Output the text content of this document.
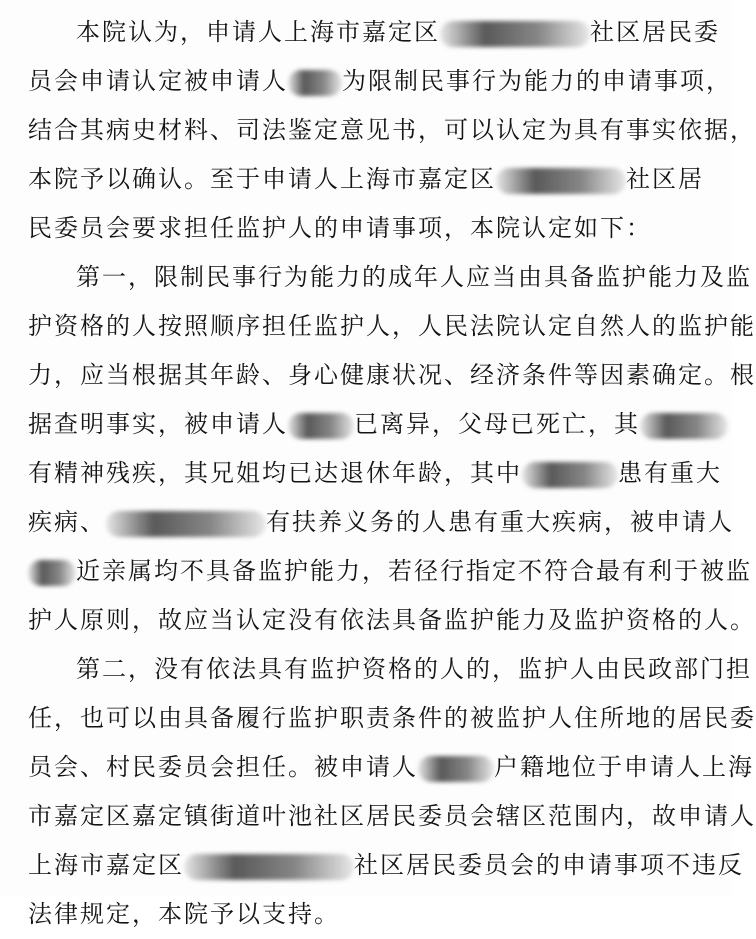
本院认为，申请人上海市嘉定区	社区居民委
员会申请认定被申请人 为限制民事行为能力的申请事项，
结合其病史材料、司法鉴定意见书，可以认定为具有事实依据，
本院予以确认。至于申请人上海市嘉定区	社区居
民委员会要求担任监护人的申请事项，本院认定如下：
第一，限制民事行为能力的成年人应当由具备监护能力及监
护资格的人按照顺序担任监护人，人民法院认定自然人的监护能
力，应当根据其年龄、身心健康状况、经济条件等因素确定。根
据查明事实，被申请人	已离异，父母已死亡，其
有精神残疾，其兄姐均已达退休年龄，其中	患有重大
疾病、	有扶养义务的人患有重大疾病，被申请人
近亲属均不具备监护能力，若径行指定不符合最有利于被监
护人原则，故应当认定没有依法具备监护能力及监护资格的人。
第二，没有依法具有监护资格的人的，监护人由民政部门担
任，也可以由具备履行监护职责条件的被监护人住所地的居民委
员会、村民委员会担任。被申请人	户籍地位于申请人上海
市嘉定区嘉定镇街道叶池社区居民委员会辖区范围内，故申请人
上海市嘉定区	社区居民委员会的申请事项不违反
法律规定，本院予以支持。
